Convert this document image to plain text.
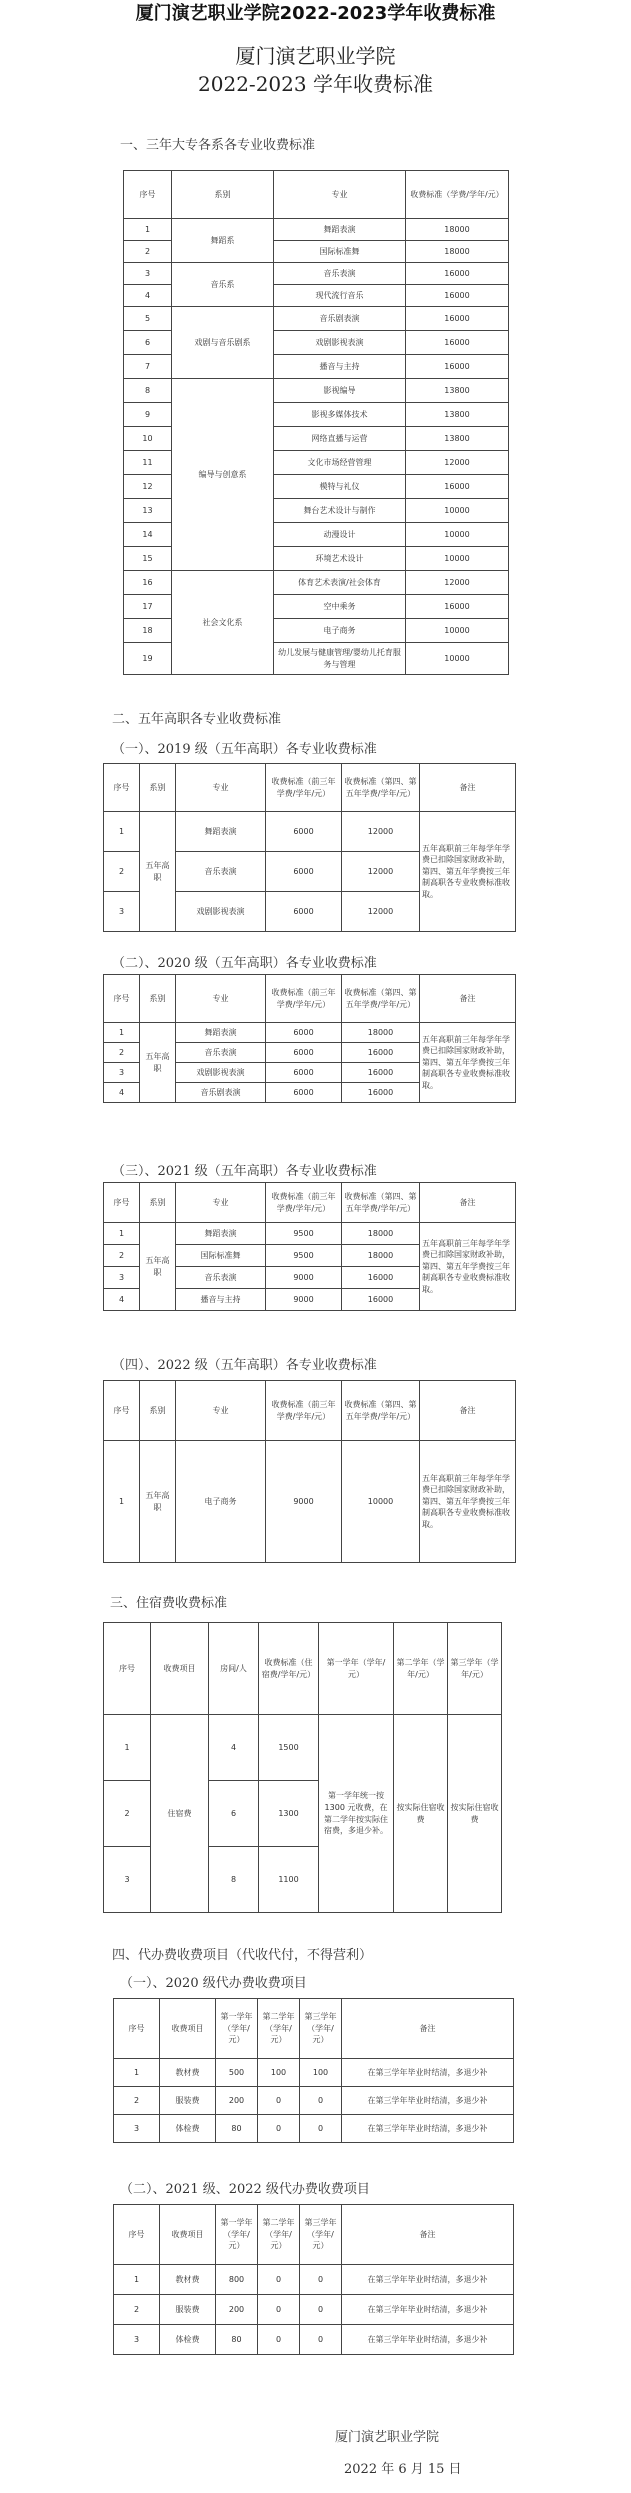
厦门演艺职业学院2022-2023学年收费标准
厦门演艺职业学院
2022-2023 学年收费标准
一、三年大专各系各专业收费标准
序号	系别	专业	收费标准（学费/学年/元）
1	舞蹈系	舞蹈表演	18000
2		国际标准舞	18000
3	音乐系	音乐表演	16000
4		现代流行音乐	16000
5	戏剧与音乐剧系	音乐剧表演	16000
6		戏剧影视表演	16000
7		播音与主持	16000
8	编导与创意系	影视编导	13800
9		影视多媒体技术	13800
10		网络直播与运营	13800
11		文化市场经营管理	12000
12		模特与礼仪	16000
13		舞台艺术设计与制作	10000
14		动漫设计	10000
15		环境艺术设计	10000
16	社会文化系	体育艺术表演/社会体育	12000
17		空中乘务	16000
18		电子商务	10000
19		幼儿发展与健康管理/婴幼儿托育服务与管理	10000
二、五年高职各专业收费标准
（一）、2019 级（五年高职）各专业收费标准
序号	系别	专业	收费标准（前三年学费/学年/元）	收费标准（第四、第五年学费/学年/元）	备注
1	五年高职	舞蹈表演	6000	12000	五年高职前三年每学年学费已扣除国家财政补助，第四、第五年学费按三年制高职各专业收费标准收取。
2		音乐表演	6000	12000	
3		戏剧影视表演	6000	12000	
（二）、2020 级（五年高职）各专业收费标准
序号	系别	专业	收费标准（前三年学费/学年/元）	收费标准（第四、第五年学费/学年/元）	备注
1	五年高职	舞蹈表演	6000	18000	五年高职前三年每学年学费已扣除国家财政补助，第四、第五年学费按三年制高职各专业收费标准收取。
2		音乐表演	6000	16000	
3		戏剧影视表演	6000	16000	
4		音乐剧表演	6000	16000	
（三）、2021 级（五年高职）各专业收费标准
序号	系别	专业	收费标准（前三年学费/学年/元）	收费标准（第四、第五年学费/学年/元）	备注
1	五年高职	舞蹈表演	9500	18000	五年高职前三年每学年学费已扣除国家财政补助，第四、第五年学费按三年制高职各专业收费标准收取。
2		国际标准舞	9500	18000	
3		音乐表演	9000	16000	
4		播音与主持	9000	16000	
（四）、2022 级（五年高职）各专业收费标准
序号	系别	专业	收费标准（前三年学费/学年/元）	收费标准（第四、第五年学费/学年/元）	备注
1	五年高职	电子商务	9000	10000	五年高职前三年每学年学费已扣除国家财政补助，第四、第五年学费按三年制高职各专业收费标准收取。
三、住宿费收费标准
序号	收费项目	房间/人	收费标准（住宿费/学年/元）	第一学年（学年/元）	第二学年（学年/元）	第三学年（学年/元）
1	住宿费	4	1500	第一学年统一按 1300 元收费，在第二学年按实际住宿费，多退少补。	按实际住宿收费	按实际住宿收费
2		6	1300			
3		8	1100			
四、代办费收费项目（代收代付，不得营利）
（一）、2020 级代办费收费项目
序号	收费项目	第一学年（学年/元）	第二学年（学年/元）	第三学年（学年/元）	备注
1	教材费	500	100	100	在第三学年毕业时结清，多退少补
2	服装费	200	0	0	在第三学年毕业时结清，多退少补
3	体检费	80	0	0	在第三学年毕业时结清，多退少补
（二）、2021 级、2022 级代办费收费项目
序号	收费项目	第一学年（学年/元）	第二学年（学年/元）	第三学年（学年/元）	备注
1	教材费	800	0	0	在第三学年毕业时结清，多退少补
2	服装费	200	0	0	在第三学年毕业时结清，多退少补
3	体检费	80	0	0	在第三学年毕业时结清，多退少补
厦门演艺职业学院
2022 年 6 月 15 日
